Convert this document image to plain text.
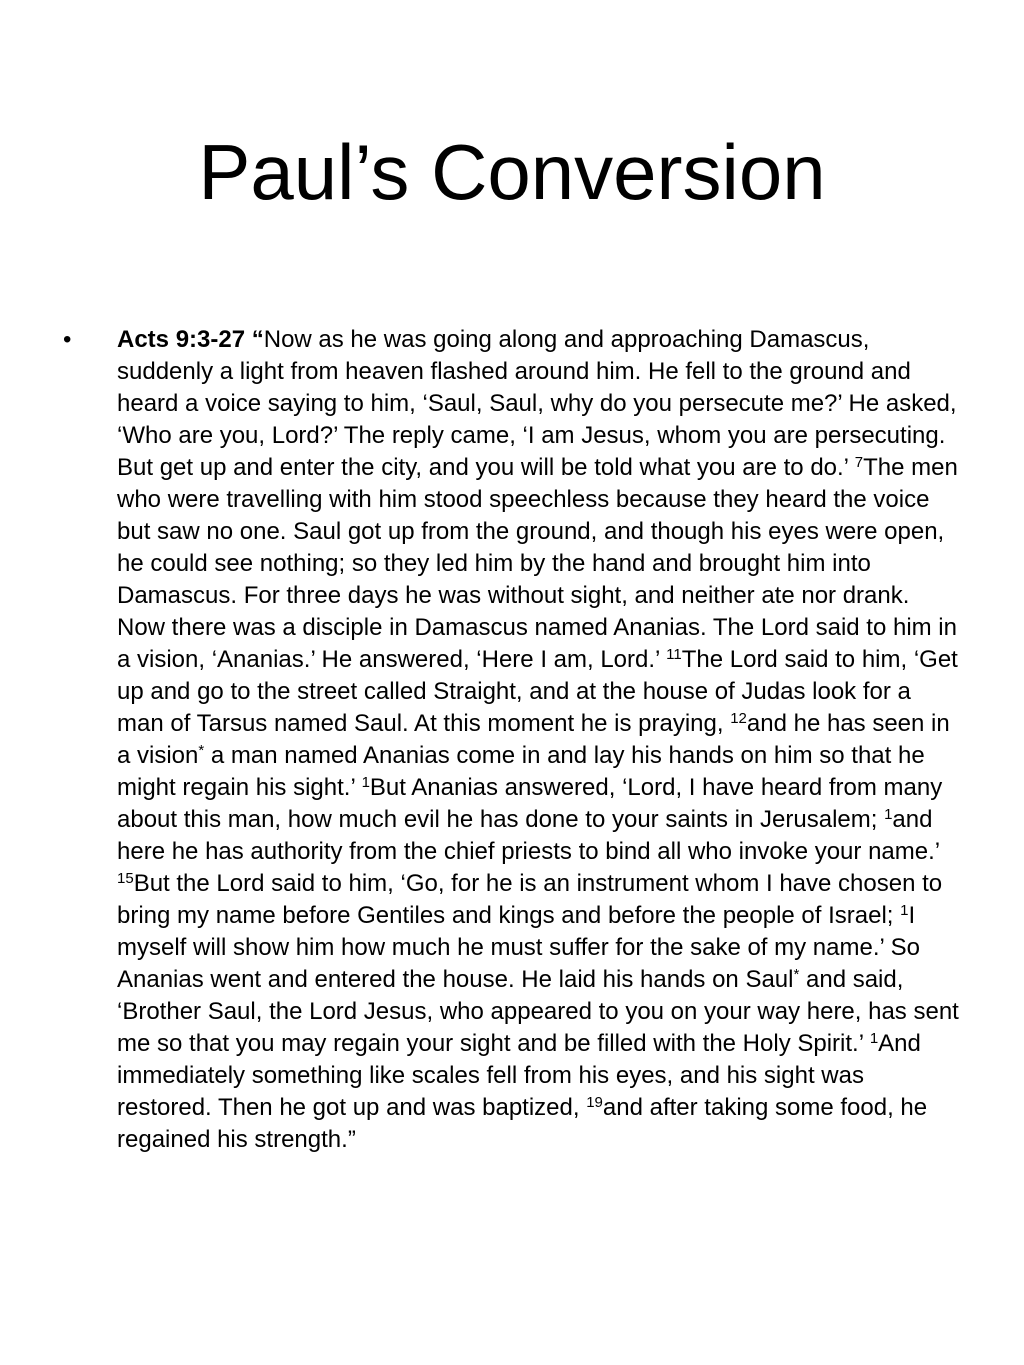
Paul’s Conversion
• Acts 9:3-27 “Now as he was going along and approaching Damascus, suddenly a light from heaven flashed around him. He fell to the ground and heard a voice saying to him, ‘Saul, Saul, why do you persecute me?’ He asked, ‘Who are you, Lord?’ The reply came, ‘I am Jesus, whom you are persecuting. But get up and enter the city, and you will be told what you are to do.’ $^7$The men who were travelling with him stood speechless because they heard the voice but saw no one. Saul got up from the ground, and though his eyes were open, he could see nothing; so they led him by the hand and brought him into Damascus. For three days he was without sight, and neither ate nor drank. Now there was a disciple in Damascus named Ananias. The Lord said to him in a vision, ‘Ananias.’ He answered, ‘Here I am, Lord.’ $^{11}$The Lord said to him, ‘Get up and go to the street called Straight, and at the house of Judas look for a man of Tarsus named Saul. At this moment he is praying, $^{12}$and he has seen in a vision* a man named Ananias come in and lay his hands on him so that he might regain his sight.’ $^1$But Ananias answered, ‘Lord, I have heard from many about this man, how much evil he has done to your saints in Jerusalem; $^1$and here he has authority from the chief priests to bind all who invoke your name.’ $^{15}$But the Lord said to him, ‘Go, for he is an instrument whom I have chosen to bring my name before Gentiles and kings and before the people of Israel; $^1$I myself will show him how much he must suffer for the sake of my name.’ So Ananias went and entered the house. He laid his hands on Saul* and said, ‘Brother Saul, the Lord Jesus, who appeared to you on your way here, has sent me so that you may regain your sight and be filled with the Holy Spirit.’ $^1$And immediately something like scales fell from his eyes, and his sight was restored. Then he got up and was baptized, $^{19}$and after taking some food, he regained his strength.”
